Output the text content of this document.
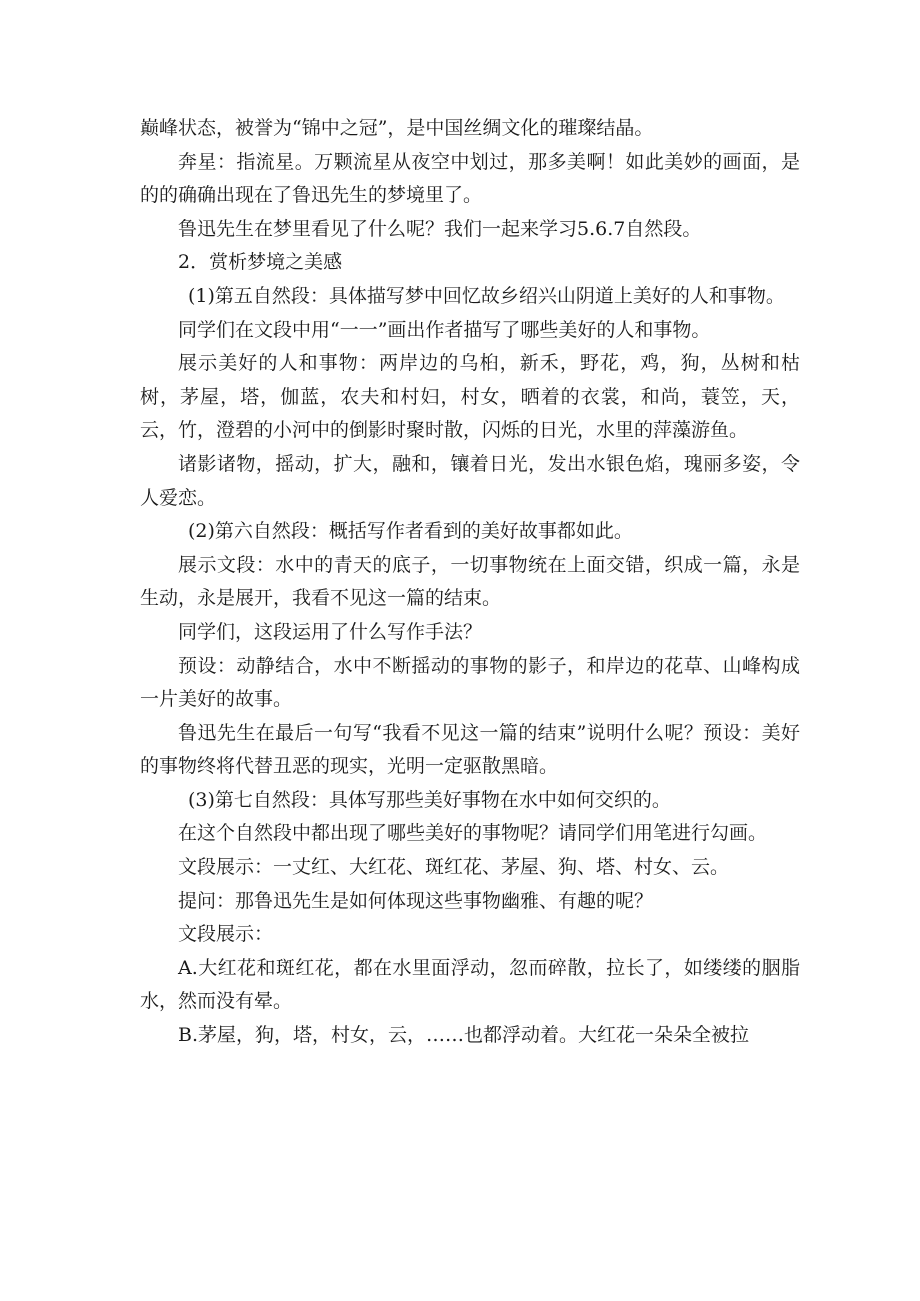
巅峰状态，被誉为“锦中之冠”，是中国丝绸文化的璀璨结晶。

奔星：指流星。万颗流星从夜空中划过，那多美啊！如此美妙的画面，是的的确确出现在了鲁迅先生的梦境里了。

鲁迅先生在梦里看见了什么呢？我们一起来学习5.6.7自然段。

2．赏析梦境之美感

(1)第五自然段：具体描写梦中回忆故乡绍兴山阴道上美好的人和事物。

同学们在文段中用“一一”画出作者描写了哪些美好的人和事物。

展示美好的人和事物：两岸边的乌桕，新禾，野花，鸡，狗，丛树和枯树，茅屋，塔，伽蓝，农夫和村妇，村女，晒着的衣裳，和尚，蓑笠，天，云，竹，澄碧的小河中的倒影时聚时散，闪烁的日光，水里的萍藻游鱼。

诸影诸物，摇动，扩大，融和，镶着日光，发出水银色焰，瑰丽多姿，令人爱恋。

(2)第六自然段：概括写作者看到的美好故事都如此。

展示文段：水中的青天的底子，一切事物统在上面交错，织成一篇，永是生动，永是展开，我看不见这一篇的结束。

同学们，这段运用了什么写作手法？

预设：动静结合，水中不断摇动的事物的影子，和岸边的花草、山峰构成一片美好的故事。

鲁迅先生在最后一句写“我看不见这一篇的结束”说明什么呢？预设：美好的事物终将代替丑恶的现实，光明一定驱散黑暗。

(3)第七自然段：具体写那些美好事物在水中如何交织的。

在这个自然段中都出现了哪些美好的事物呢？请同学们用笔进行勾画。

文段展示：一丈红、大红花、斑红花、茅屋、狗、塔、村女、云。

提问：那鲁迅先生是如何体现这些事物幽雅、有趣的呢？

文段展示：

A.大红花和斑红花，都在水里面浮动，忽而碎散，拉长了，如缕缕的胭脂水，然而没有晕。

B.茅屋，狗，塔，村女，云，……也都浮动着。大红花一朵朵全被拉
